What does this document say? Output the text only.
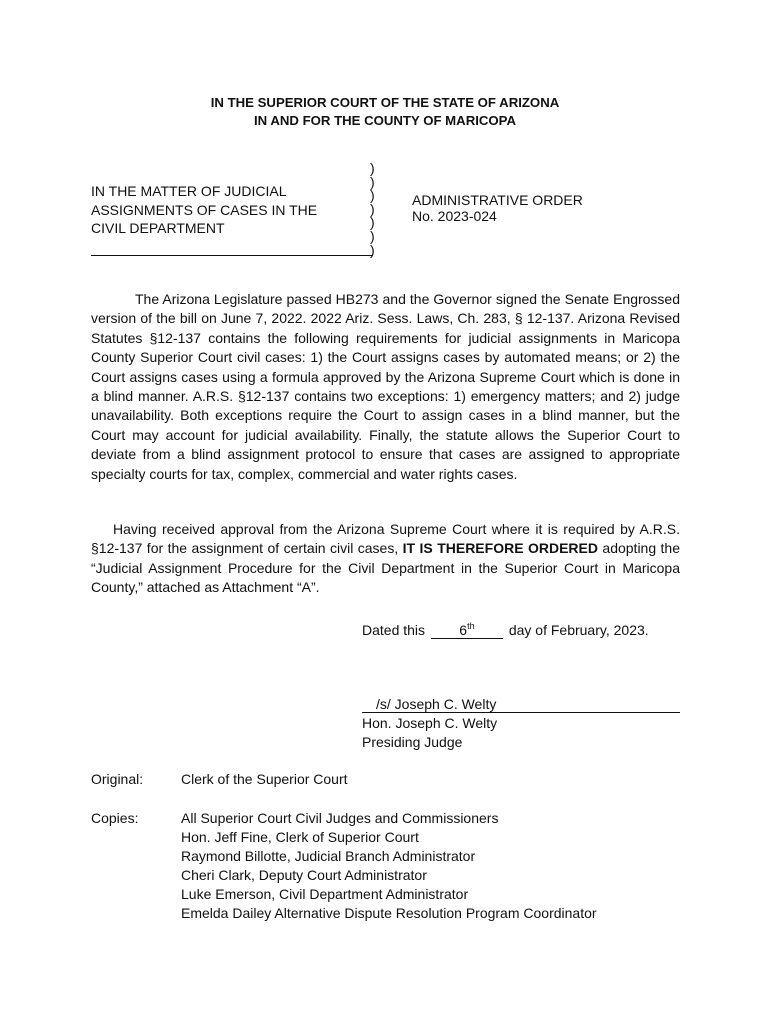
IN THE SUPERIOR COURT OF THE STATE OF ARIZONA
IN AND FOR THE COUNTY OF MARICOPA
IN THE MATTER OF JUDICIAL
ASSIGNMENTS OF CASES IN THE
CIVIL DEPARTMENT
)
)
)
)
)
)
)
ADMINISTRATIVE ORDER
No. 2023-024

The Arizona Legislature passed HB273 and the Governor signed the Senate Engrossed version of the bill on June 7, 2022. 2022 Ariz. Sess. Laws, Ch. 283, § 12-137. Arizona Revised Statutes §12-137 contains the following requirements for judicial assignments in Maricopa County Superior Court civil cases: 1) the Court assigns cases by automated means; or 2) the Court assigns cases using a formula approved by the Arizona Supreme Court which is done in a blind manner. A.R.S. §12-137 contains two exceptions: 1) emergency matters; and 2) judge unavailability. Both exceptions require the Court to assign cases in a blind manner, but the Court may account for judicial availability. Finally, the statute allows the Superior Court to deviate from a blind assignment protocol to ensure that cases are assigned to appropriate specialty courts for tax, complex, commercial and water rights cases.

Having received approval from the Arizona Supreme Court where it is required by A.R.S. §12-137 for the assignment of certain civil cases, IT IS THEREFORE ORDERED adopting the “Judicial Assignment Procedure for the Civil Department in the Superior Court in Maricopa County,” attached as Attachment “A”.

Dated this 6th day of February, 2023.
/s/ Joseph C. Welty
Hon. Joseph C. Welty
Presiding Judge
Original:	Clerk of the Superior Court
Copies:	All Superior Court Civil Judges and Commissioners
Hon. Jeff Fine, Clerk of Superior Court
Raymond Billotte, Judicial Branch Administrator
Cheri Clark, Deputy Court Administrator
Luke Emerson, Civil Department Administrator
Emelda Dailey Alternative Dispute Resolution Program Coordinator
